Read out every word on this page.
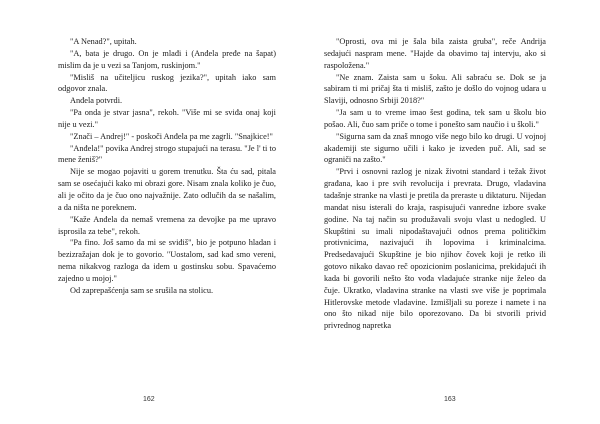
"A Nenad?", upitah.

"A, bata je drugo. On je mlađi i (Anđela pređe na šapat) mislim da je u vezi sa Tanjom, ruskinjom."

"Misliš na učiteljicu ruskog jezika?", upitah iako sam odgovor znala.

Anđela potvrdi.

"Pa onda je stvar jasna", rekoh. "Više mi se sviđa onaj koji nije u vezi."

"Znači – Andrej!" - poskoči Anđela pa me zagrli. "Snajkice!"

"Anđela!" povika Andrej strogo stupajući na terasu. "Je l' ti to mene ženiš?"

Nije se mogao pojaviti u gorem trenutku. Šta ću sad, pitala sam se osećajući kako mi obrazi gore. Nisam znala koliko je čuo, ali je očito da je čuo ono najvažnije. Zato odlučih da se našalim, a da ništa ne poreknem.

"Kaže Anđela da nemaš vremena za devojke pa me upravo isprosila za tebe", rekoh.

"Pa fino. Još samo da mi se sviđiš", bio je potpuno hladan i bezizražajan dok je to govorio. "Uostalom, sad kad smo vereni, nema nikakvog razloga da idem u gostinsku sobu. Spavaćemo zajedno u mojoj."

Od zaprepašćenja sam se srušila na stolicu.

162

"Oprosti, ova mi je šala bila zaista gruba", reče Andrija sedajući naspram mene. "Hajde da obavimo taj intervju, ako si raspoložena."

"Ne znam. Zaista sam u šoku. Ali sabraću se. Dok se ja sabiram ti mi pričaj šta ti misliš, zašto je došlo do vojnog udara u Slaviji, odnosno Srbiji 2018?"

"Ja sam u to vreme imao šest godina, tek sam u školu bio pošao. Ali, čuo sam priče o tome i ponešto sam naučio i u školi."

"Sigurna sam da znaš mnogo više nego bilo ko drugi. U vojnoj akademiji ste sigurno učili i kako je izveden puč. Ali, sad se ograniči na zašto."

"Prvi i osnovni razlog je nizak životni standard i težak život građana, kao i pre svih revolucija i prevrata. Drugo, vladavina tadašnje stranke na vlasti je pretila da preraste u diktaturu. Nijedan mandat nisu isterali do kraja, raspisujući vanredne izbore svake godine. Na taj način su produžavali svoju vlast u nedogled. U Skupštini su imali nipodaštavajući odnos prema političkim protivnicima, nazivajući ih lopovima i kriminalcima. Predsedavajući Skupštine je bio njihov čovek koji je retko ili gotovo nikako davao reč opozicionim poslanicima, prekidajući ih kada bi govorili nešto što vođa vladajuće stranke nije želeo da čuje. Ukratko, vladavina stranke na vlasti sve više je poprimala Hitlerovske metode vladavine. Izmišljali su poreze i namete i na ono što nikad nije bilo oporezovano. Da bi stvorili privid privrednog napretka

163
